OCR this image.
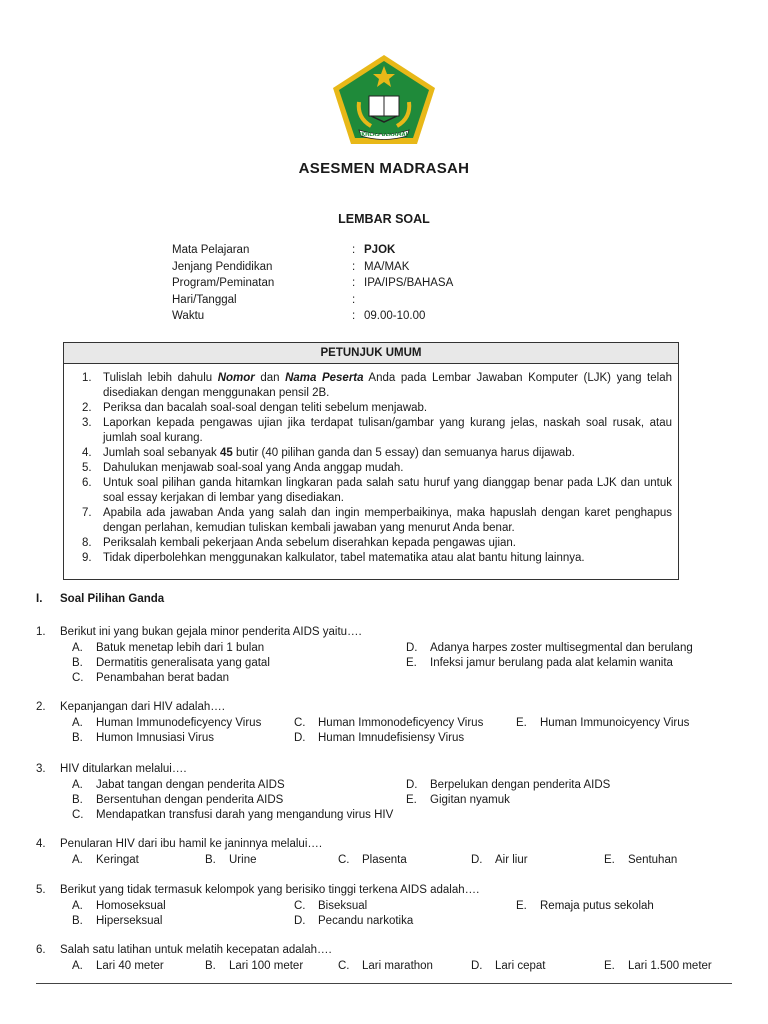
IKHLAS BERAMAL
ASESMEN MADRASAH
LEMBAR SOAL
Mata Pelajaran	: PJOK
Jenjang Pendidikan	: MA/MAK
Program/Peminatan	: IPA/IPS/BAHASA
Hari/Tanggal	:
Waktu	: 09.00-10.00
PETUNJUK UMUM
1. Tulislah lebih dahulu Nomor dan Nama Peserta Anda pada Lembar Jawaban Komputer (LJK) yang telah disediakan dengan menggunakan pensil 2B.
2. Periksa dan bacalah soal-soal dengan teliti sebelum menjawab.
3. Laporkan kepada pengawas ujian jika terdapat tulisan/gambar yang kurang jelas, naskah soal rusak, atau jumlah soal kurang.
4. Jumlah soal sebanyak 45 butir (40 pilihan ganda dan 5 essay) dan semuanya harus dijawab.
5. Dahulukan menjawab soal-soal yang Anda anggap mudah.
6. Untuk soal pilihan ganda hitamkan lingkaran pada salah satu huruf yang dianggap benar pada LJK dan untuk soal essay kerjakan di lembar yang disediakan.
7. Apabila ada jawaban Anda yang salah dan ingin memperbaikinya, maka hapuslah dengan karet penghapus dengan perlahan, kemudian tuliskan kembali jawaban yang menurut Anda benar.
8. Periksalah kembali pekerjaan Anda sebelum diserahkan kepada pengawas ujian.
9. Tidak diperbolehkan menggunakan kalkulator, tabel matematika atau alat bantu hitung lainnya.
I. Soal Pilihan Ganda
1. Berikut ini yang bukan gejala minor penderita AIDS yaitu….
A. Batuk menetap lebih dari 1 bulan
B. Dermatitis generalisata yang gatal
C. Penambahan berat badan
D. Adanya harpes zoster multisegmental dan berulang
E. Infeksi jamur berulang pada alat kelamin wanita
2. Kepanjangan dari HIV adalah….
A. Human Immunodeficyency Virus
B. Humon Imnusiasi Virus
C. Human Immonodeficyency Virus
D. Human Imnudefisiensy Virus
E. Human Immunoicyency Virus
3. HIV ditularkan melalui….
A. Jabat tangan dengan penderita AIDS
B. Bersentuhan dengan penderita AIDS
C. Mendapatkan transfusi darah yang mengandung virus HIV
D. Berpelukan dengan penderita AIDS
E. Gigitan nyamuk
4. Penularan HIV dari ibu hamil ke janinnya melalui….
A. Keringat	B. Urine	C. Plasenta	D. Air liur	E. Sentuhan
5. Berikut yang tidak termasuk kelompok yang berisiko tinggi terkena AIDS adalah….
A. Homoseksual
B. Hiperseksual
C. Biseksual
D. Pecandu narkotika
E. Remaja putus sekolah
6. Salah satu latihan untuk melatih kecepatan adalah….
A. Lari 40 meter	B. Lari 100 meter	C. Lari marathon	D. Lari cepat	E. Lari 1.500 meter
